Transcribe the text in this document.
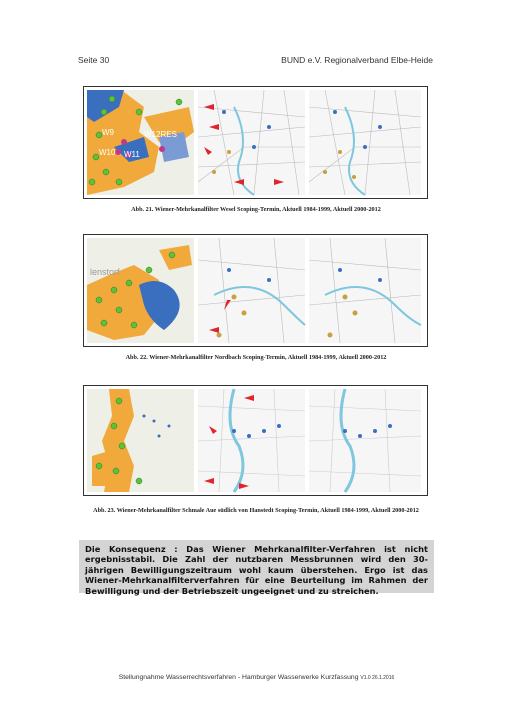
Seite 30	BUND e.V. Regionalverband Elbe-Heide
W9	W12RES
W10 W11
Abb. 21. Wiener-Mehrkanalfilter Wesel Scoping-Termin, Aktuell 1984-1999, Aktuell 2000-2012
lenstorf
Abb. 22. Wiener-Mehrkanalfilter Nordbach Scoping-Termin, Aktuell 1984-1999, Aktuell 2000-2012
Abb. 23. Wiener-Mehrkanalfilter Schmale Aue südlich von Hanstedt Scoping-Termin, Aktuell 1984-1999, Aktuell 2000-2012
Die Konsequenz : Das Wiener Mehrkanalfilter-Verfahren ist nicht ergebnisstabil. Die Zahl der nutzbaren Messbrunnen wird den 30-jährigen Bewilligungszeitraum wohl kaum überstehen. Ergo ist das Wiener-Mehrkanalfilterverfahren für eine Beurteilung im Rahmen der Bewilligung und der Betriebszeit ungeeignet und zu streichen.
Stellungnahme Wasserrechtsverfahren - Hamburger Wasserwerke Kurzfassung V1.0 26.1.2016
